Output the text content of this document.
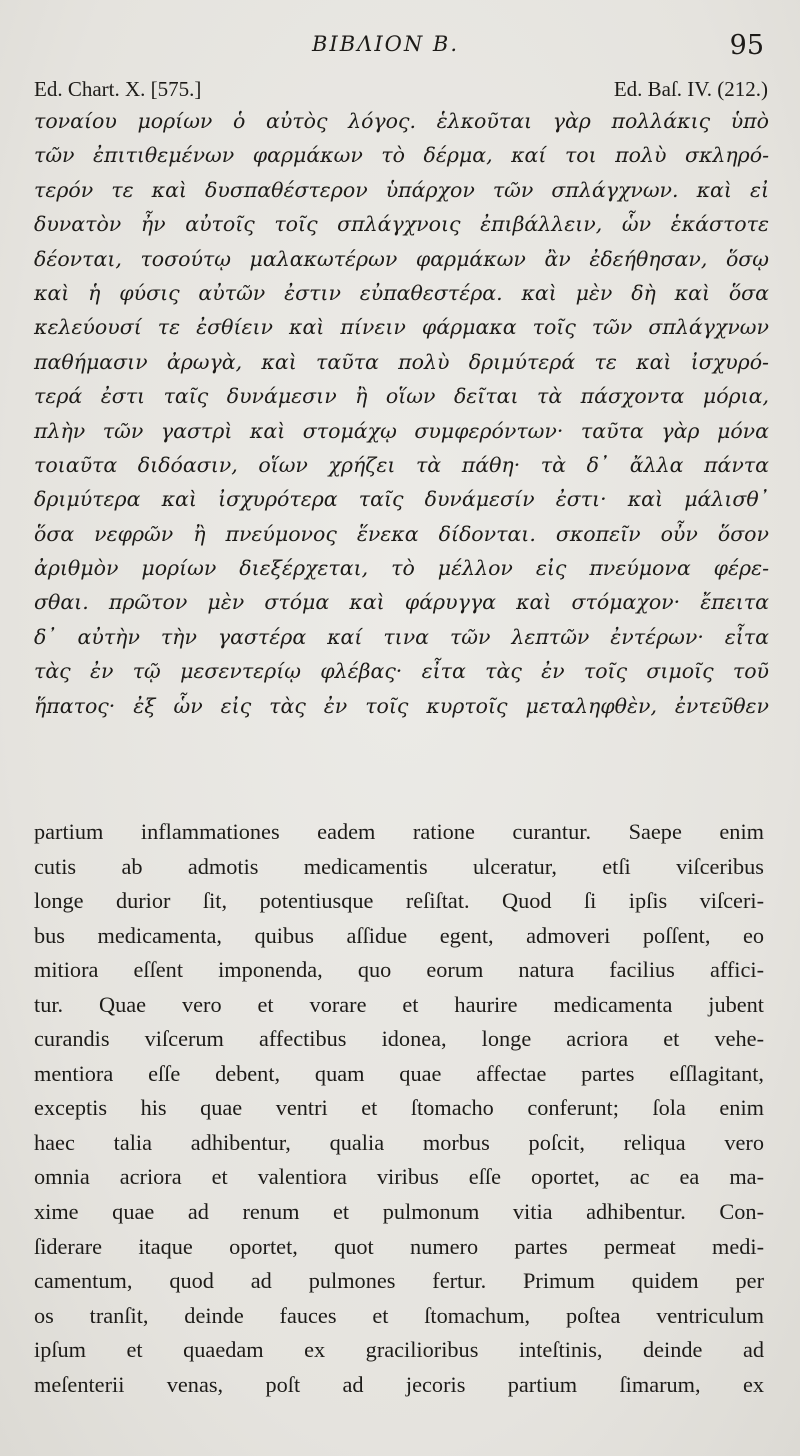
ΒΙΒΛΙΟΝ Β.	95
Ed. Chart. X. [575.]	Ed. Baſ. IV. (212.)
τοναίου μορίων ὁ αὐτὸς λόγος. ἑλκοῦται γὰρ πολλάκις ὑπὸ
τῶν ἐπιτιθεμένων φαρμάκων τὸ δέρμα, καί τοι πολὺ σκληρό-
τερόν τε καὶ δυσπαθέστερον ὑπάρχον τῶν σπλάγχνων. καὶ εἰ
δυνατὸν ἦν αὐτοῖς τοῖς σπλάγχνοις ἐπιβάλλειν, ὧν ἑκάστοτε
δέονται, τοσούτῳ μαλακωτέρων φαρμάκων ἂν ἐδεήθησαν, ὅσῳ
καὶ ἡ φύσις αὐτῶν ἐστιν εὐπαθεστέρα. καὶ μὲν δὴ καὶ ὅσα
κελεύουσί τε ἐσθίειν καὶ πίνειν φάρμακα τοῖς τῶν σπλάγχνων
παθήμασιν ἀρωγὰ, καὶ ταῦτα πολὺ δριμύτερά τε καὶ ἰσχυρό-
τερά ἐστι ταῖς δυνάμεσιν ἢ οἵων δεῖται τὰ πάσχοντα μόρια,
πλὴν τῶν γαστρὶ καὶ στομάχῳ συμφερόντων· ταῦτα γὰρ μόνα
τοιαῦτα διδόασιν, οἵων χρήζει τὰ πάθη· τὰ δ᾽ ἄλλα πάντα
δριμύτερα καὶ ἰσχυρότερα ταῖς δυνάμεσίν ἐστι· καὶ μάλισθ᾽
ὅσα νεφρῶν ἢ πνεύμονος ἕνεκα δίδονται. σκοπεῖν οὖν ὅσον
ἀριθμὸν μορίων διεξέρχεται, τὸ μέλλον εἰς πνεύμονα φέρε-
σθαι. πρῶτον μὲν στόμα καὶ φάρυγγα καὶ στόμαχον· ἔπειτα
δ᾽ αὐτὴν τὴν γαστέρα καί τινα τῶν λεπτῶν ἐντέρων· εἶτα
τὰς ἐν τῷ μεσεντερίῳ φλέβας· εἶτα τὰς ἐν τοῖς σιμοῖς τοῦ
ἥπατος· ἐξ ὧν εἰς τὰς ἐν τοῖς κυρτοῖς μεταληφθὲν, ἐντεῦθεν
partium inflammationes eadem ratione curantur. Saepe enim
cutis ab admotis medicamentis ulceratur, etſi viſceribus
longe durior ſit, potentiusque reſiſtat. Quod ſi ipſis viſceri-
bus medicamenta, quibus aſſidue egent, admoveri poſſent, eo
mitiora eſſent imponenda, quo eorum natura facilius affici-
tur. Quae vero et vorare et haurire medicamenta jubent
curandis viſcerum affectibus idonea, longe acriora et vehe-
mentiora eſſe debent, quam quae affectae partes eſſlagitant,
exceptis his quae ventri et ſtomacho conferunt; ſola enim
haec talia adhibentur, qualia morbus poſcit, reliqua vero
omnia acriora et valentiora viribus eſſe oportet, ac ea ma-
xime quae ad renum et pulmonum vitia adhibentur. Con-
ſiderare itaque oportet, quot numero partes permeat medi-
camentum, quod ad pulmones fertur. Primum quidem per
os tranſit, deinde fauces et ſtomachum, poſtea ventriculum
ipſum et quaedam ex gracilioribus inteſtinis, deinde ad
meſenterii venas, poſt ad jecoris partium ſimarum, ex
